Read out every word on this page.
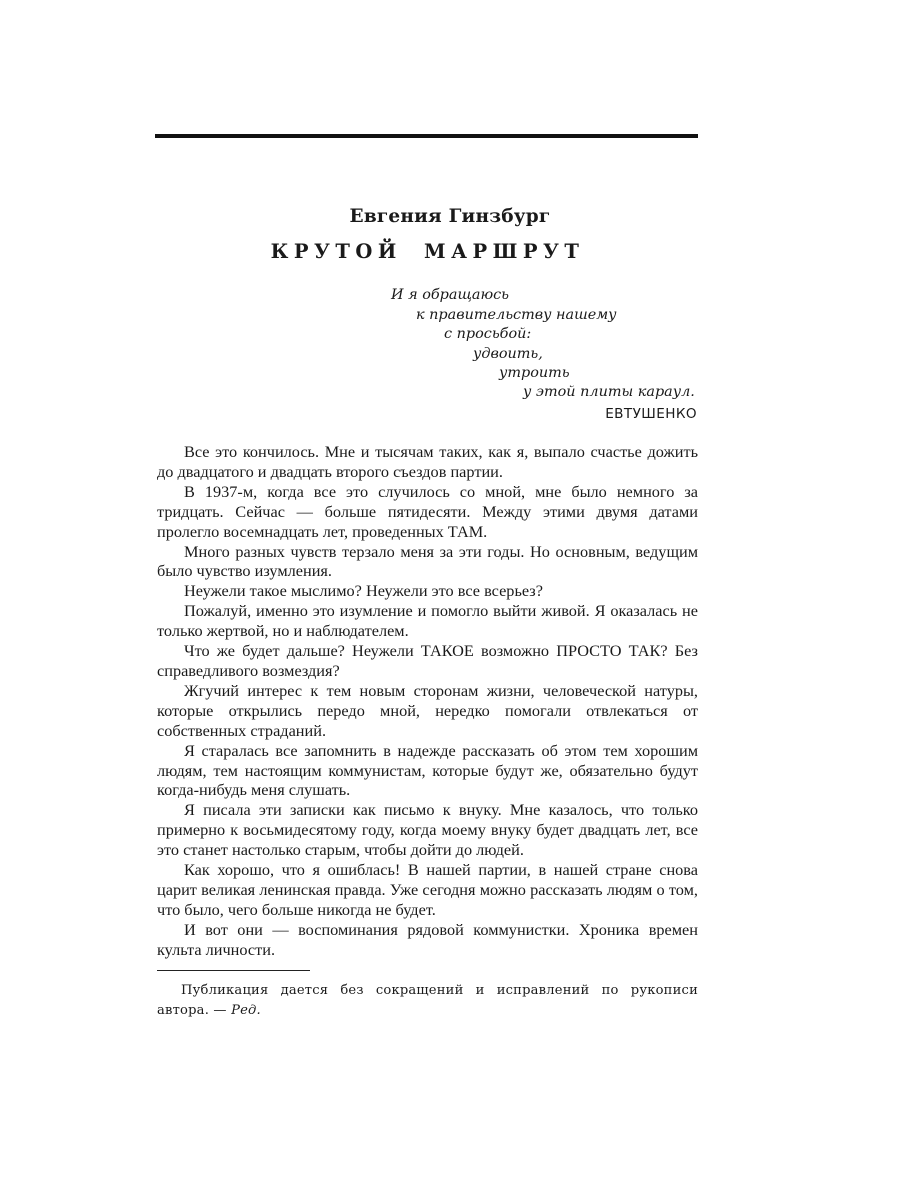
Евгения Гинзбург
КРУТОЙ МАРШРУТ
И я обращаюсь
к правительству нашему
с просьбой:
удвоить,
утроить
у этой плиты караул.
ЕВТУШЕНКО

Все это кончилось. Мне и тысячам таких, как я, выпало счастье дожить до двадцатого и двадцать второго съездов партии.

В 1937-м, когда все это случилось со мной, мне было немного за тридцать. Сейчас — больше пятидесяти. Между этими двумя датами пролегло восемнадцать лет, проведенных ТАМ.

Много разных чувств терзало меня за эти годы. Но основным, ведущим было чувство изумления.

Неужели такое мыслимо? Неужели это все всерьез?

Пожалуй, именно это изумление и помогло выйти живой. Я оказалась не только жертвой, но и наблюдателем.

Что же будет дальше? Неужели ТАКОЕ возможно ПРОСТО ТАК? Без справедливого возмездия?

Жгучий интерес к тем новым сторонам жизни, человеческой натуры, которые открылись передо мной, нередко помогали отвлекаться от собственных страданий.

Я старалась все запомнить в надежде рассказать об этом тем хорошим людям, тем настоящим коммунистам, которые будут же, обязательно будут когда-нибудь меня слушать.

Я писала эти записки как письмо к внуку. Мне казалось, что только примерно к восьмидесятому году, когда моему внуку будет двадцать лет, все это станет настолько старым, чтобы дойти до людей.

Как хорошо, что я ошиблась! В нашей партии, в нашей стране снова царит великая ленинская правда. Уже сегодня можно рассказать людям о том, что было, чего больше никогда не будет.

И вот они — воспоминания рядовой коммунистки. Хроника времен культа личности.

Публикация дается без сокращений и исправлений по рукописи автора. — Ред.
